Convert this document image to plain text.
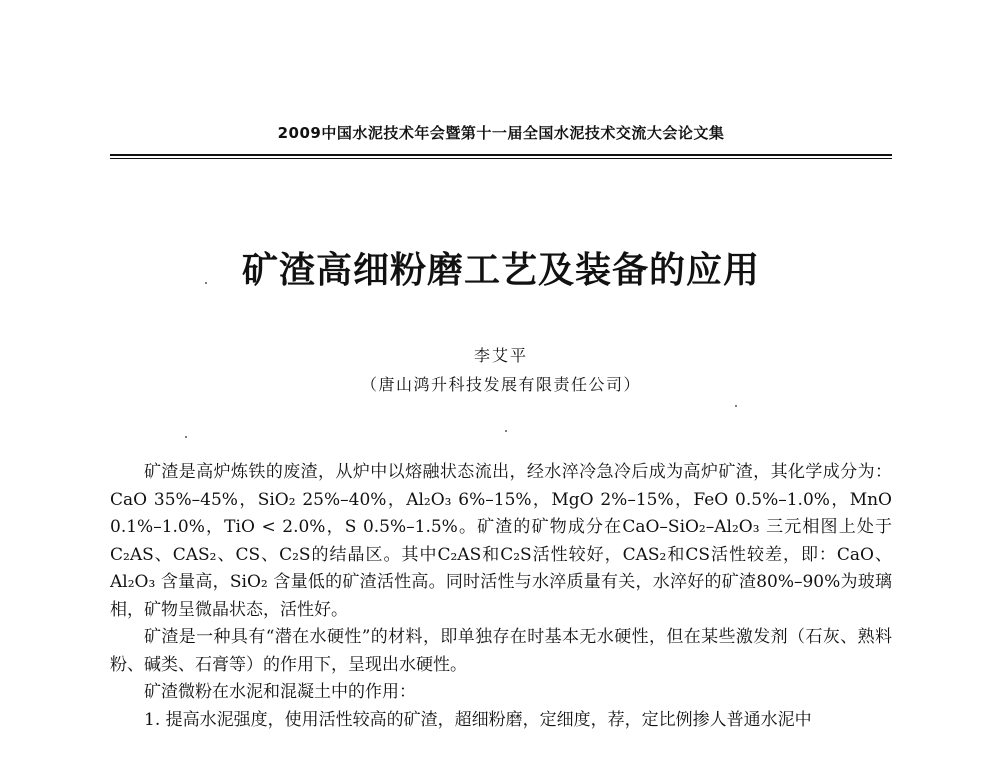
2009中国水泥技术年会暨第十一届全国水泥技术交流大会论文集
矿渣高细粉磨工艺及装备的应用
李艾平
（唐山鸿升科技发展有限责任公司）

矿渣是高炉炼铁的废渣，从炉中以熔融状态流出，经水淬冷急冷后成为高炉矿渣，其化学成分为：CaO 35%–45%，SiO₂ 25%–40%，Al₂O₃ 6%–15%，MgO 2%–15%，FeO 0.5%–1.0%，MnO 0.1%–1.0%，TiO < 2.0%，S 0.5%–1.5%。矿渣的矿物成分在CaO–SiO₂–Al₂O₃ 三元相图上处于C₂AS、CAS₂、CS、C₂S的结晶区。其中C₂AS和C₂S活性较好，CAS₂和CS活性较差，即：CaO、Al₂O₃ 含量高，SiO₂ 含量低的矿渣活性高。同时活性与水淬质量有关，水淬好的矿渣80%–90%为玻璃相，矿物呈微晶状态，活性好。

矿渣是一种具有“潜在水硬性”的材料，即单独存在时基本无水硬性，但在某些激发剂（石灰、熟料粉、碱类、石膏等）的作用下，呈现出水硬性。

矿渣微粉在水泥和混凝土中的作用：

1. 提高水泥强度，使用活性较高的矿渣，超细粉磨，定细度，荐，定比例掺人普通水泥中
